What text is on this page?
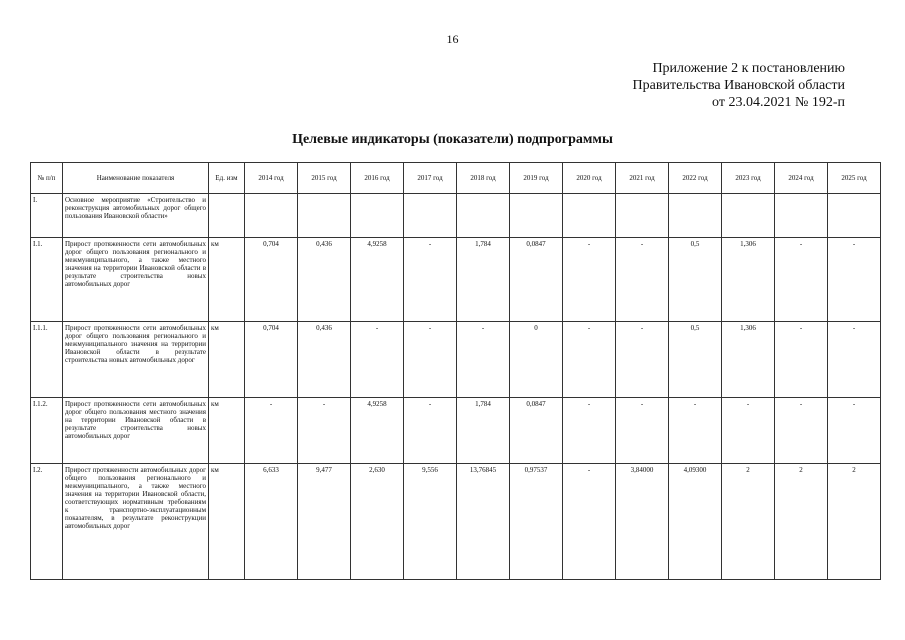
16
Приложение 2 к постановлению
Правительства Ивановской области
от 23.04.2021 № 192-п
Целевые индикаторы (показатели) подпрограммы
№ п/п	Наименование показателя	Ед. изм	2014 год	2015 год	2016 год	2017 год	2018 год	2019 год	2020 год	2021 год	2022 год	2023 год	2024 год	2025 год
I.	Основное мероприятие «Строительство и реконструкция автомобильных дорог общего пользования Ивановской области»													
I.1.	Прирост протяженности сети автомобильных дорог общего пользования регионального и межмуниципального, а также местного значения на территории Ивановской области в результате строительства новых автомобильных дорог	км	0,704	0,436	4,9258	-	1,784	0,0847	-	-	0,5	1,306	-	-
I.1.1.	Прирост протяженности сети автомобильных дорог общего пользования регионального и межмуниципального значения на территории Ивановской области в результате строительства новых автомобильных дорог	км	0,704	0,436	-	-	-	0	-	-	0,5	1,306	-	-
I.1.2.	Прирост протяженности сети автомобильных дорог общего пользования местного значения на территории Ивановской области в результате строительства новых автомобильных дорог	км	-	-	4,9258	-	1,784	0,0847	-	-	-	-	-	-
I.2.	Прирост протяженности автомобильных дорог общего пользования регионального и межмуниципального, а также местного значения на территории Ивановской области, соответствующих нормативным требованиям к транспортно-эксплуатационным показателям, в результате реконструкции автомобильных дорог	км	6,633	9,477	2,630	9,556	13,76845	0,97537	-	3,84000	4,09300	2	2	2
